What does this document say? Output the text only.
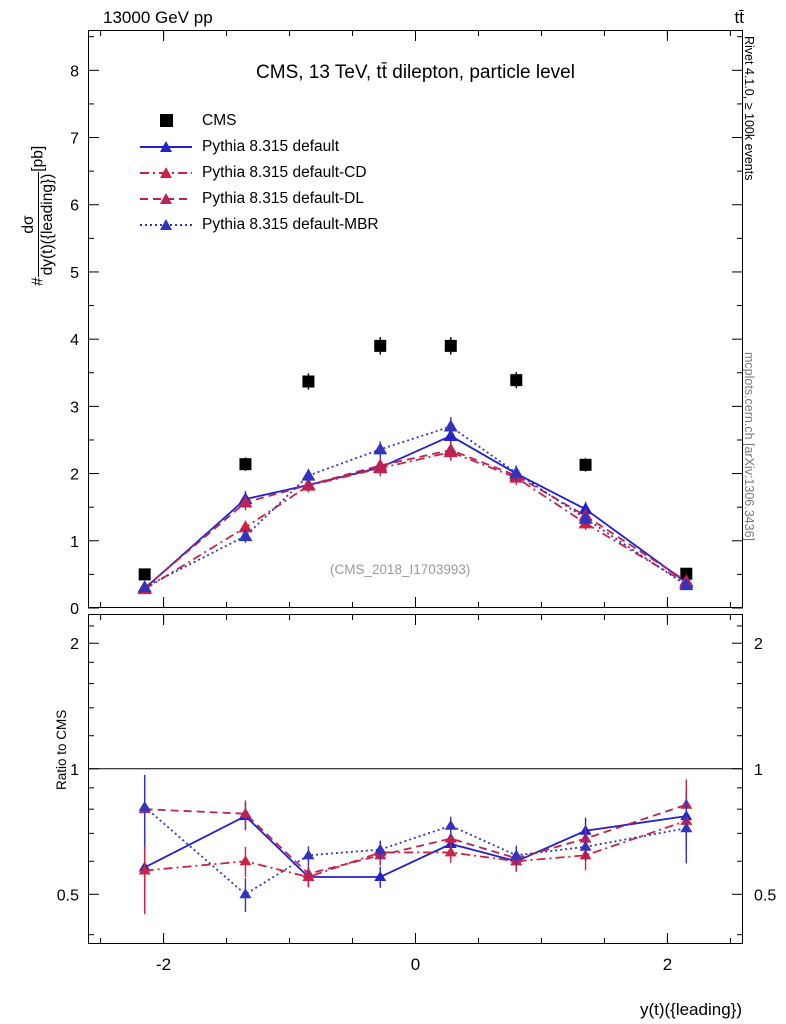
13000 GeV pp	tt̄
Rivet 4.1.0, ≥ 100k events
mcplots.cern.ch [arXiv:1306.3436]
#
dσ dy(t)({leading})
[pb]
CMS, 13 TeV, tt̄ dilepton, particle level
CMS
Pythia 8.315 default
Pythia 8.315 default-CD
Pythia 8.315 default-DL
Pythia 8.315 default-MBR
(CMS_2018_I1703993)
Ratio to CMS
y(t)({leading})
0
1
2
3
4
5
6
7
8
0.5	0.5
1	1
2	2
-2	0	2
